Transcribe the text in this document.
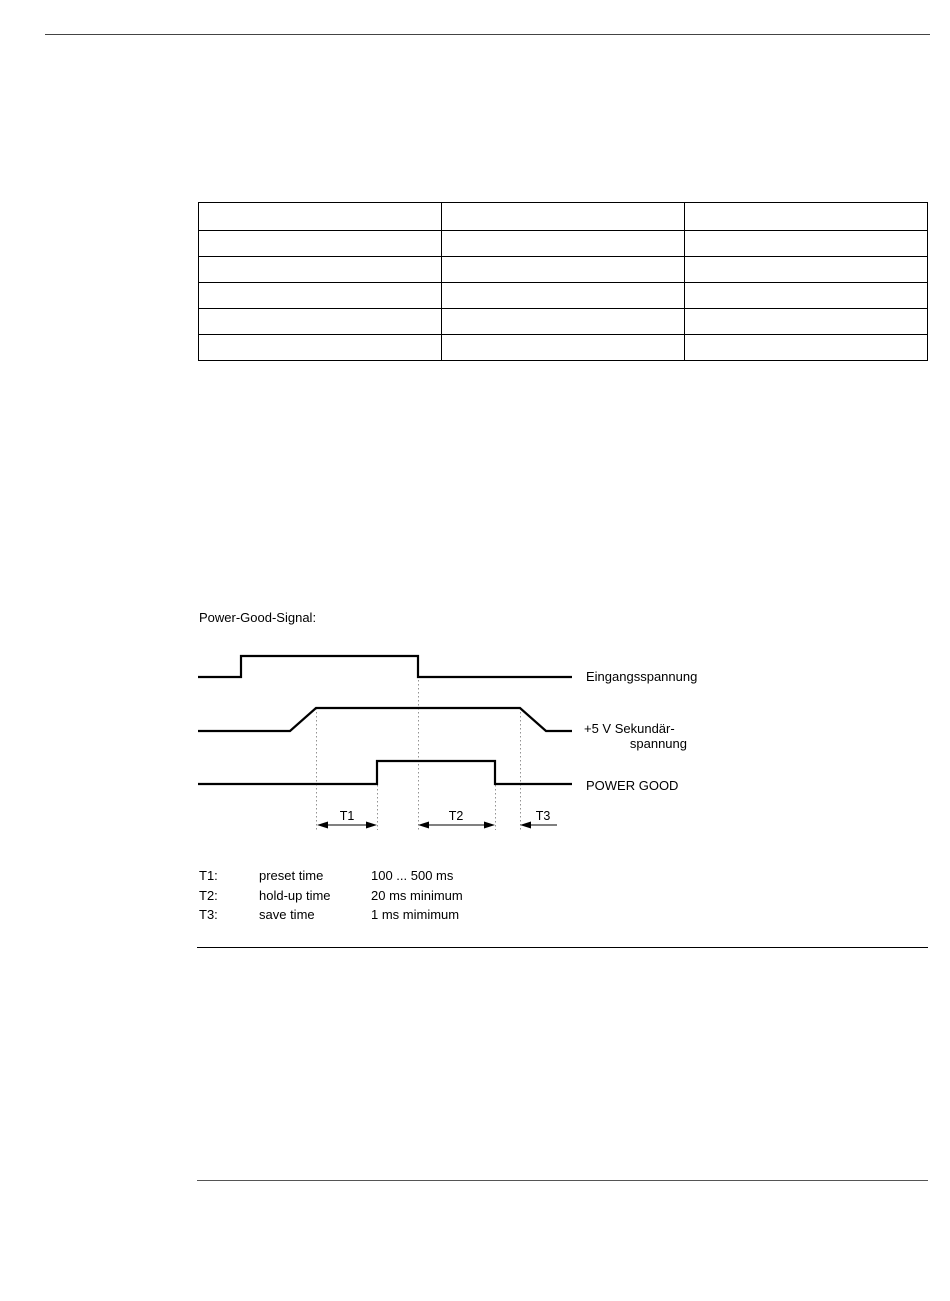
Power-Good-Signal:
Eingangsspannung
+5 V Sekundär-
spannung
POWER GOOD
T1	T2	T3
T1:	preset time	100 ... 500 ms
T2:	hold-up time	20 ms minimum
T3:	save time	1 ms mimimum
